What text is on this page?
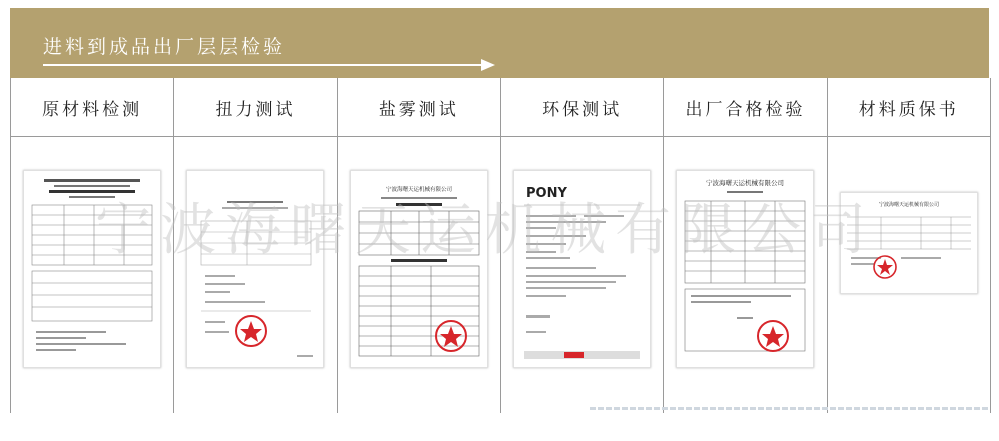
进料到成品出厂层层检验
原材料检测	扭力测试	盐雾测试
宁波海曙天运机械有限公司
环保测试
PONY
出厂合格检验
宁波海曙天运机械有限公司
材料质保书
宁波海曙天运机械有限公司
宁波海曙天运机械有限公司
